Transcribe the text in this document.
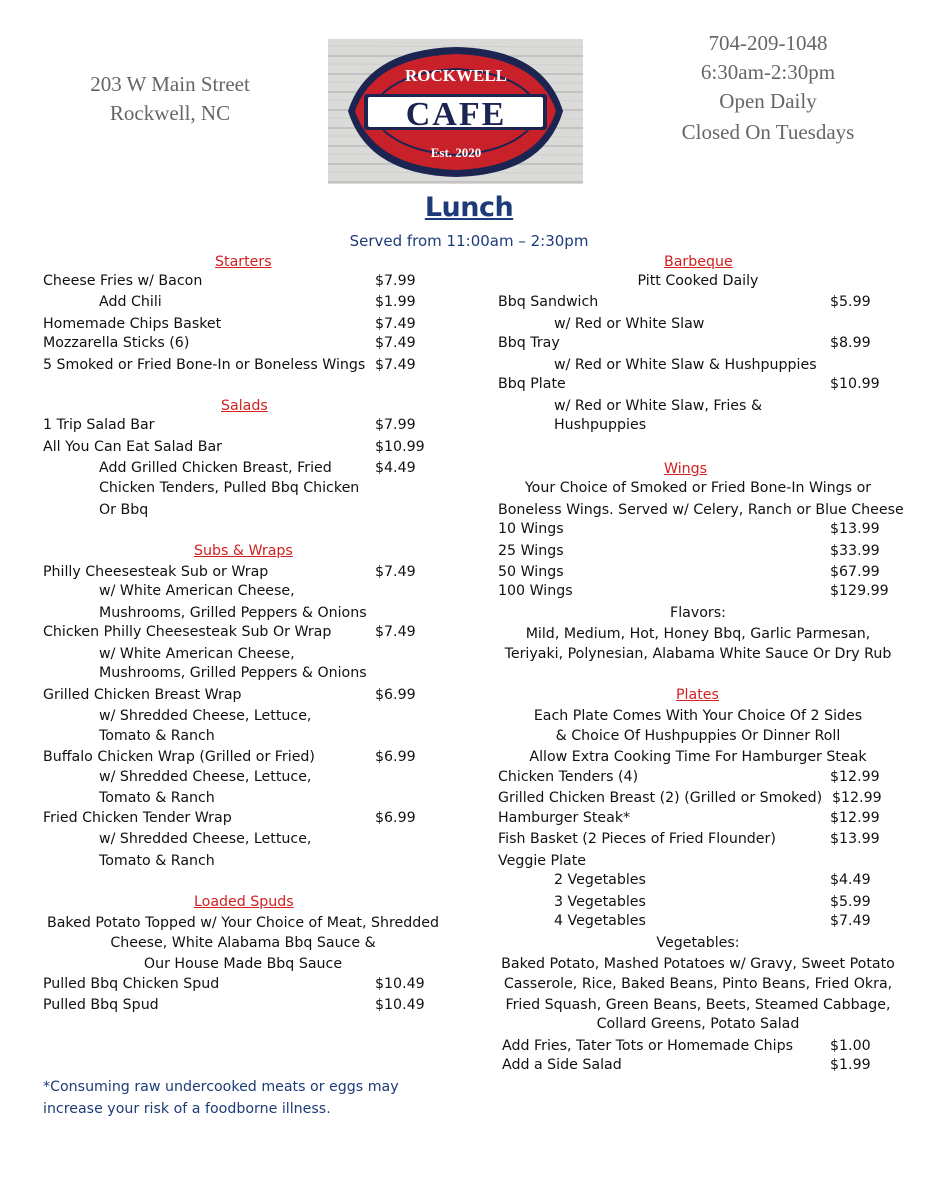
203 W Main Street
Rockwell, NC
704-209-1048
6:30am-2:30pm
Open Daily
Closed On Tuesdays
ROCKWELL
CAFE
Est. 2020
Lunch
Served from 11:00am – 2:30pm
Starters
Cheese Fries w/ Bacon	$7.99
Add Chili	$1.99
Homemade Chips Basket	$7.49
Mozzarella Sticks (6)	$7.49
5 Smoked or Fried Bone-In or Boneless Wings $7.49
Salads
1 Trip Salad Bar	$7.99
All You Can Eat Salad Bar	$10.99
Add Grilled Chicken Breast, Fried	$4.49
Chicken Tenders, Pulled Bbq Chicken
Or Bbq
Subs & Wraps
Philly Cheesesteak Sub or Wrap	$7.49
w/ White American Cheese,
Mushrooms, Grilled Peppers & Onions
Chicken Philly Cheesesteak Sub Or Wrap	$7.49
w/ White American Cheese,
Mushrooms, Grilled Peppers & Onions
Grilled Chicken Breast Wrap	$6.99
w/ Shredded Cheese, Lettuce,
Tomato & Ranch
Buffalo Chicken Wrap (Grilled or Fried)	$6.99
w/ Shredded Cheese, Lettuce,
Tomato & Ranch
Fried Chicken Tender Wrap	$6.99
w/ Shredded Cheese, Lettuce,
Tomato & Ranch
Loaded Spuds
Baked Potato Topped w/ Your Choice of Meat, Shredded
Cheese, White Alabama Bbq Sauce &
Our House Made Bbq Sauce
Pulled Bbq Chicken Spud	$10.49
Pulled Bbq Spud	$10.49
*Consuming raw undercooked meats or eggs may
increase your risk of a foodborne illness.
Barbeque
Pitt Cooked Daily
Bbq Sandwich	$5.99
w/ Red or White Slaw
Bbq Tray	$8.99
w/ Red or White Slaw & Hushpuppies
Bbq Plate	$10.99
w/ Red or White Slaw, Fries &
Hushpuppies
Wings
Your Choice of Smoked or Fried Bone-In Wings or
Boneless Wings. Served w/ Celery, Ranch or Blue Cheese
10 Wings	$13.99
25 Wings	$33.99
50 Wings	$67.99
100 Wings	$129.99
Flavors:
Mild, Medium, Hot, Honey Bbq, Garlic Parmesan,
Teriyaki, Polynesian, Alabama White Sauce Or Dry Rub
Plates
Each Plate Comes With Your Choice Of 2 Sides
& Choice Of Hushpuppies Or Dinner Roll
Allow Extra Cooking Time For Hamburger Steak
Chicken Tenders (4)	$12.99
Grilled Chicken Breast (2) (Grilled or Smoked) $12.99
Hamburger Steak*	$12.99
Fish Basket (2 Pieces of Fried Flounder)	$13.99
Veggie Plate
2 Vegetables	$4.49
3 Vegetables	$5.99
4 Vegetables	$7.49
Vegetables:
Baked Potato, Mashed Potatoes w/ Gravy, Sweet Potato
Casserole, Rice, Baked Beans, Pinto Beans, Fried Okra,
Fried Squash, Green Beans, Beets, Steamed Cabbage,
Collard Greens, Potato Salad
Add Fries, Tater Tots or Homemade Chips	$1.00
Add a Side Salad	$1.99
